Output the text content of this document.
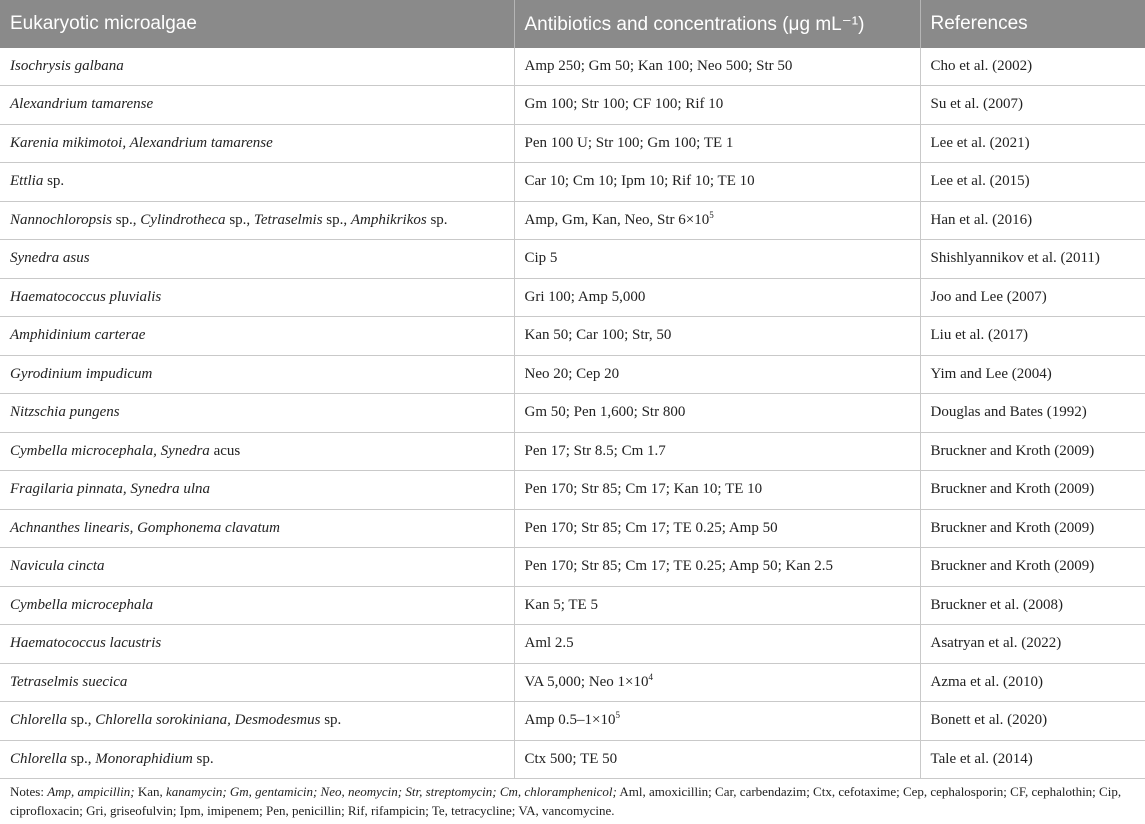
Eukaryotic microalgae	Antibiotics and concentrations (μg mL⁻¹)	References
Isochrysis galbana	Amp 250; Gm 50; Kan 100; Neo 500; Str 50	Cho et al. (2002)
Alexandrium tamarense	Gm 100; Str 100; CF 100; Rif 10	Su et al. (2007)
Karenia mikimotoi, Alexandrium tamarense	Pen 100 U; Str 100; Gm 100; TE 1	Lee et al. (2021)
Ettlia sp.	Car 10; Cm 10; Ipm 10; Rif 10; TE 10	Lee et al. (2015)
Nannochloropsis sp., Cylindrotheca sp., Tetraselmis sp., Amphikrikos sp.	Amp, Gm, Kan, Neo, Str $6\times 10^5$	Han et al. (2016)
Synedra asus	Cip 5	Shishlyannikov et al. (2011)
Haematococcus pluvialis	Gri 100; Amp 5,000	Joo and Lee (2007)
Amphidinium carterae	Kan 50; Car 100; Str, 50	Liu et al. (2017)
Gyrodinium impudicum	Neo 20; Cep 20	Yim and Lee (2004)
Nitzschia pungens	Gm 50; Pen 1,600; Str 800	Douglas and Bates (1992)
Cymbella microcephala, Synedra acus	Pen 17; Str 8.5; Cm 1.7	Bruckner and Kroth (2009)
Fragilaria pinnata, Synedra ulna	Pen 170; Str 85; Cm 17; Kan 10; TE 10	Bruckner and Kroth (2009)
Achnanthes linearis, Gomphonema clavatum	Pen 170; Str 85; Cm 17; TE 0.25; Amp 50	Bruckner and Kroth (2009)
Navicula cincta	Pen 170; Str 85; Cm 17; TE 0.25; Amp 50; Kan 2.5	Bruckner and Kroth (2009)
Cymbella microcephala	Kan 5; TE 5	Bruckner et al. (2008)
Haematococcus lacustris	Aml 2.5	Asatryan et al. (2022)
Tetraselmis suecica	VA 5,000; Neo $1\times 10^4$	Azma et al. (2010)
Chlorella sp., Chlorella sorokiniana, Desmodesmus sp.	Amp $0.5-1\times 10^5$	Bonett et al. (2020)
Chlorella sp., Monoraphidium sp.	Ctx 500; TE 50	Tale et al. (2014)
Notes: Amp, ampicillin; Kan, kanamycin; Gm, gentamicin; Neo, neomycin; Str, streptomycin; Cm, chloramphenicol; Aml, amoxicillin; Car, carbendazim; Ctx, cefotaxime; Cep, cephalosporin; CF, cephalothin; Cip, ciprofloxacin; Gri, griseofulvin; Ipm, imipenem; Pen, penicillin; Rif, rifampicin; Te, tetracycline; VA, vancomycine.
